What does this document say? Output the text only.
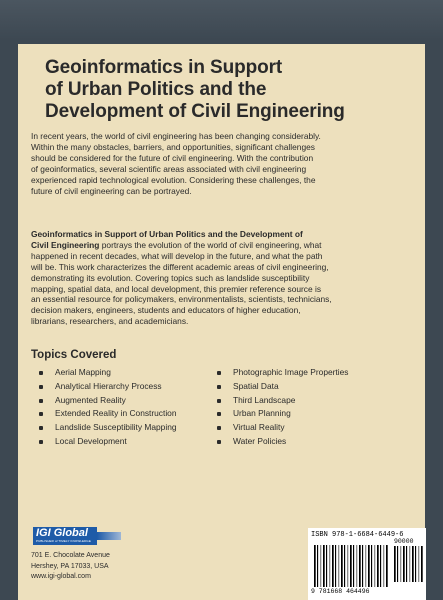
Geoinformatics in Support
of Urban Politics and the
Development of Civil Engineering

In recent years, the world of civil engineering has been changing considerably.
Within the many obstacles, barriers, and opportunities, significant challenges
should be considered for the future of civil engineering. With the contribution
of geoinformatics, several scientific areas associated with civil engineering
experienced rapid technological evolution. Considering these challenges, the
future of civil engineering can be portrayed.

Geoinformatics in Support of Urban Politics and the Development of
Civil Engineering portrays the evolution of the world of civil engineering, what
happened in recent decades, what will develop in the future, and what the path
will be. This work characterizes the different academic areas of civil engineering,
demonstrating its evolution. Covering topics such as landslide susceptibility
mapping, spatial data, and local development, this premier reference source is
an essential resource for policymakers, environmentalists, scientists, technicians,
decision makers, engineers, students and educators of higher education,
librarians, researchers, and academicians.

Topics Covered
Aerial Mapping
Analytical Hierarchy Process
Augmented Reality
Extended Reality in Construction
Landslide Susceptibility Mapping
Local Development
Photographic Image Properties
Spatial Data
Third Landscape
Urban Planning
Virtual Reality
Water Policies
IGI Global
PUBLISHER of TIMELY KNOWLEDGE
701 E. Chocolate Avenue
Hershey, PA 17033, USA
www.igi-global.com

ISBN 978-1-6684-6449-6

90000
9 781668 464496
